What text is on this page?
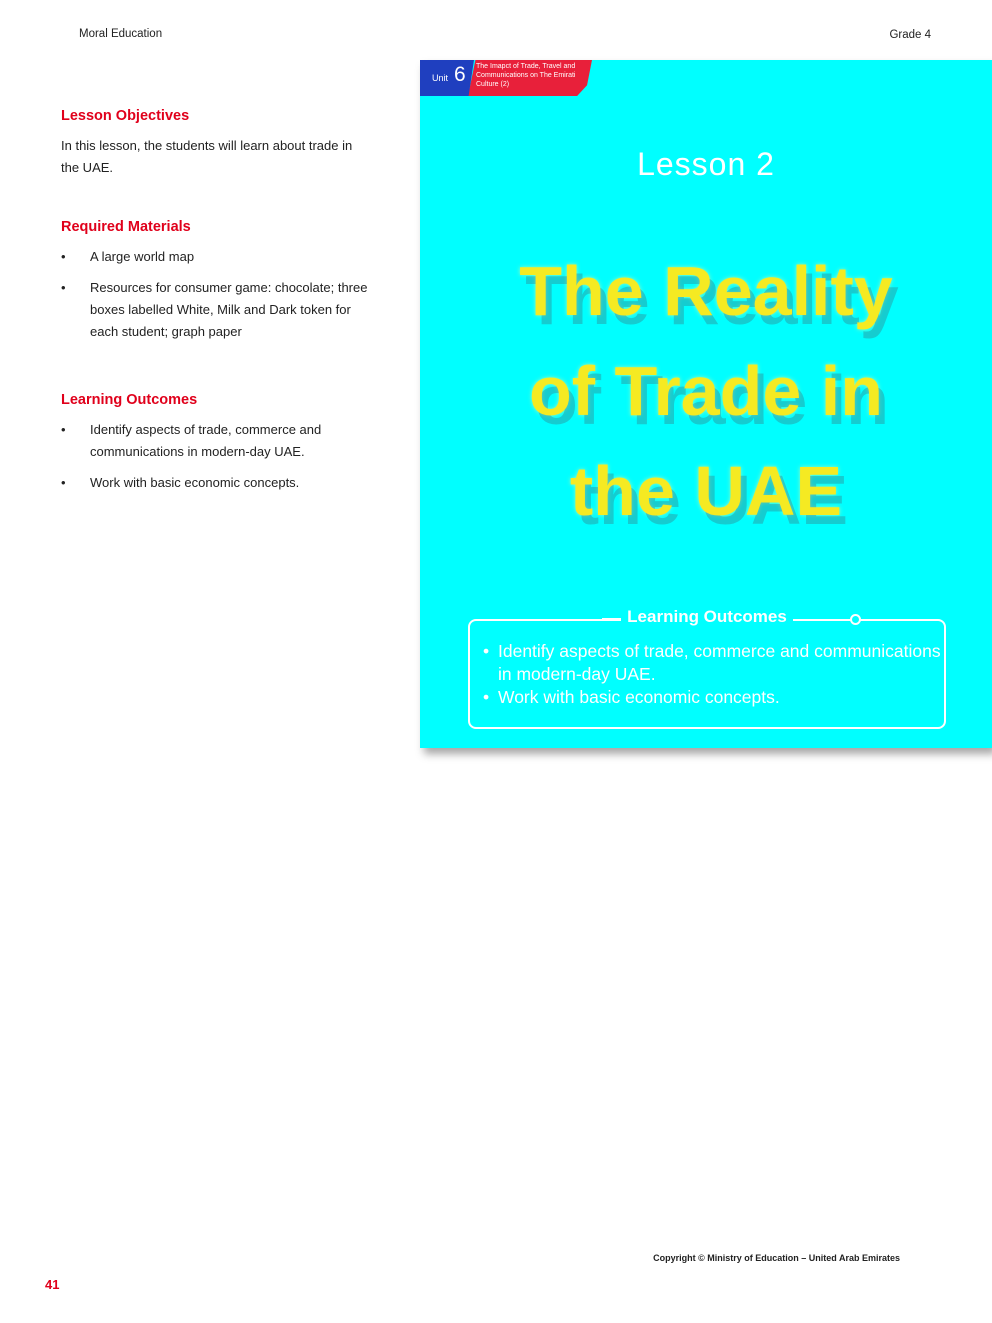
Moral Education	Grade 4
Lesson Objectives

In this lesson, the students will learn about trade in the UAE.

Required Materials
• A large world map
• Resources for consumer game: chocolate; three boxes labelled White, Milk and Dark token for each student; graph paper
Learning Outcomes
• Identify aspects of trade, commerce and communications in modern-day UAE.
• Work with basic economic concepts.
Unit 6 The Imapct of Trade, Travel and Communications on The Emirati Culture (2)
Lesson 2
The Reality
of Trade in
the UAE
Learning Outcomes
• Identify aspects of trade, commerce and communications in modern-day UAE.
• Work with basic economic concepts.
Copyright © Ministry of Education – United Arab Emirates
41
